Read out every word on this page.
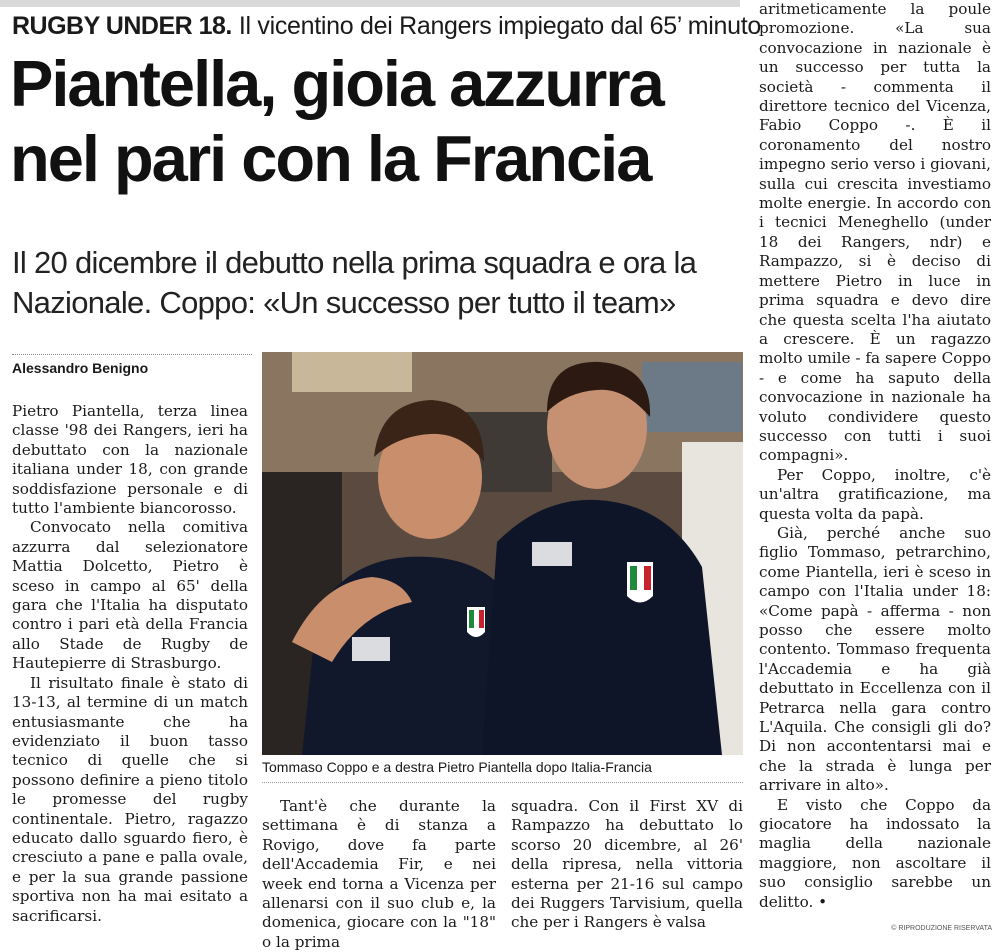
RUGBY UNDER 18. Il vicentino dei Rangers impiegato dal 65’ minuto
Piantella, gioia azzurra nel pari con la Francia
Il 20 dicembre il debutto nella prima squadra e ora la Nazionale. Coppo: «Un successo per tutto il team»
Alessandro Benigno

Pietro Piantella, terza linea classe '98 dei Rangers, ieri ha debuttato con la nazionale italiana under 18, con grande soddisfazione personale e di tutto l'ambiente biancorosso.

Convocato nella comitiva azzurra dal selezionatore Mattia Dolcetto, Pietro è sceso in campo al 65' della gara che l'Italia ha disputato contro i pari età della Francia allo Stade de Rugby de Hautepierre di Strasburgo.

Il risultato finale è stato di 13-13, al termine di un match entusiasmante che ha evidenziato il buon tasso tecnico di quelle che si possono definire a pieno titolo le promesse del rugby continentale. Pietro, ragazzo educato dallo sguardo fiero, è cresciuto a pane e palla ovale, e per la sua grande passione sportiva non ha mai esitato a sacrificarsi.

Tommaso Coppo e a destra Pietro Piantella dopo Italia-Francia

Tant'è che durante la settimana è di stanza a Rovigo, dove fa parte dell'Accademia Fir, e nei week end torna a Vicenza per allenarsi con il suo club e, la domenica, giocare con la "18" o la prima

squadra. Con il First XV di Rampazzo ha debuttato lo scorso 20 dicembre, al 26' della ripresa, nella vittoria esterna per 21-16 sul campo dei Ruggers Tarvisium, quella che per i Rangers è valsa

aritmeticamente la poule promozione. «La sua convocazione in nazionale è un successo per tutta la società - commenta il direttore tecnico del Vicenza, Fabio Coppo -. È il coronamento del nostro impegno serio verso i giovani, sulla cui crescita investiamo molte energie. In accordo con i tecnici Meneghello (under 18 dei Rangers, ndr) e Rampazzo, si è deciso di mettere Pietro in luce in prima squadra e devo dire che questa scelta l'ha aiutato a crescere. È un ragazzo molto umile - fa sapere Coppo - e come ha saputo della convocazione in nazionale ha voluto condividere questo successo con tutti i suoi compagni».

Per Coppo, inoltre, c'è un'altra gratificazione, ma questa volta da papà.

Già, perché anche suo figlio Tommaso, petrarchino, come Piantella, ieri è sceso in campo con l'Italia under 18: «Come papà - afferma - non posso che essere molto contento. Tommaso frequenta l'Accademia e ha già debuttato in Eccellenza con il Petrarca nella gara contro L'Aquila. Che consigli gli do? Di non accontentarsi mai e che la strada è lunga per arrivare in alto».

E visto che Coppo da giocatore ha indossato la maglia della nazionale maggiore, non ascoltare il suo consiglio sarebbe un delitto. •

© RIPRODUZIONE RISERVATA
